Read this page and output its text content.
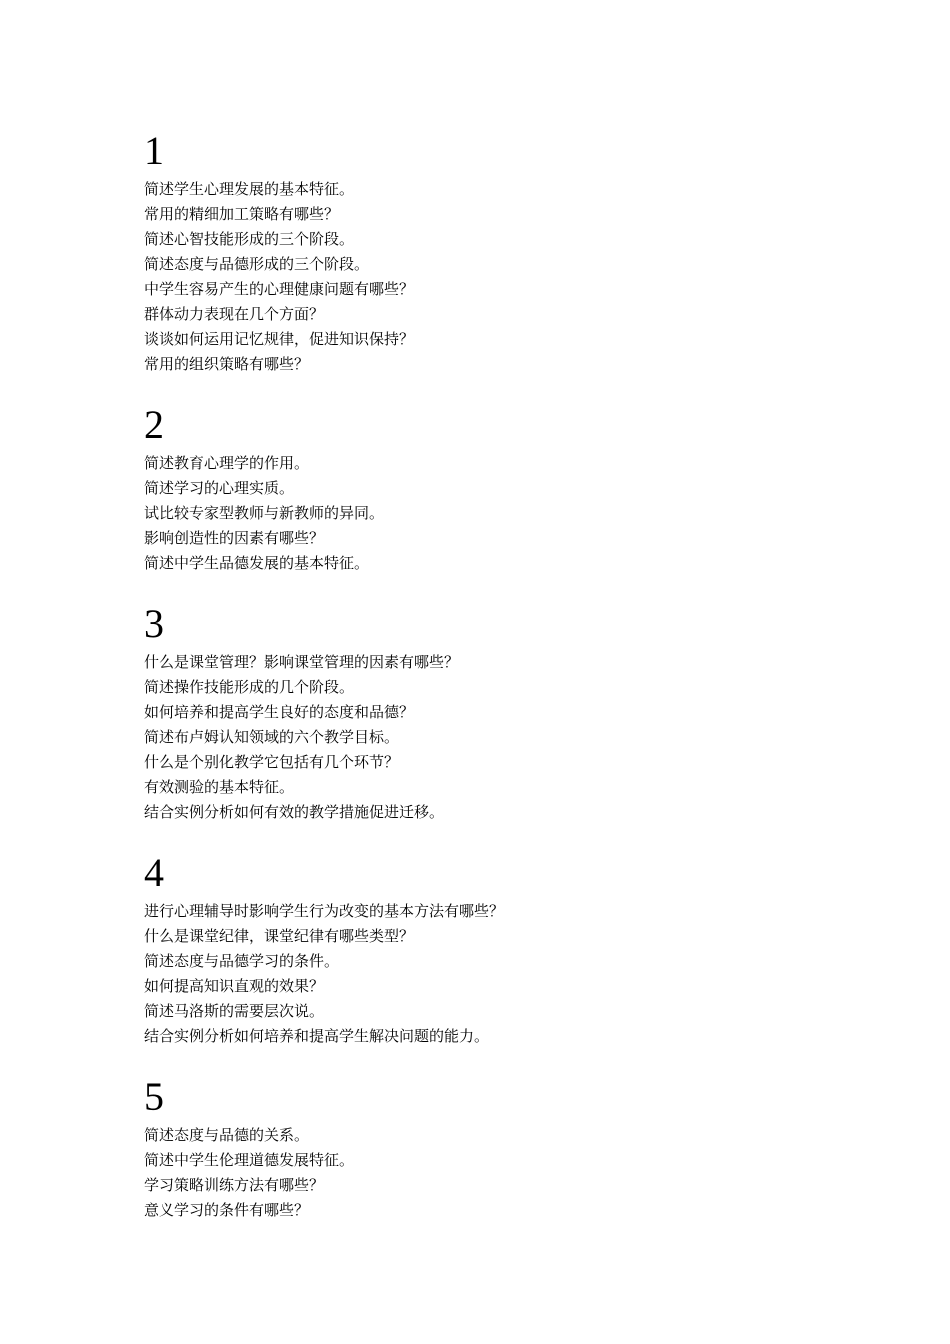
1
简述学生心理发展的基本特征。
常用的精细加工策略有哪些？
简述心智技能形成的三个阶段。
简述态度与品德形成的三个阶段。
中学生容易产生的心理健康问题有哪些？
群体动力表现在几个方面？
谈谈如何运用记忆规律，促进知识保持？
常用的组织策略有哪些？
2
简述教育心理学的作用。
简述学习的心理实质。
试比较专家型教师与新教师的异同。
影响创造性的因素有哪些？
简述中学生品德发展的基本特征。
3
什么是课堂管理？影响课堂管理的因素有哪些？
简述操作技能形成的几个阶段。
如何培养和提高学生良好的态度和品德？
简述布卢姆认知领域的六个教学目标。
什么是个别化教学它包括有几个环节？
有效测验的基本特征。
结合实例分析如何有效的教学措施促进迁移。
4
进行心理辅导时影响学生行为改变的基本方法有哪些？
什么是课堂纪律，课堂纪律有哪些类型？
简述态度与品德学习的条件。
如何提高知识直观的效果？
简述马洛斯的需要层次说。
结合实例分析如何培养和提高学生解决问题的能力。
5
简述态度与品德的关系。
简述中学生伦理道德发展特征。
学习策略训练方法有哪些？
意义学习的条件有哪些？
